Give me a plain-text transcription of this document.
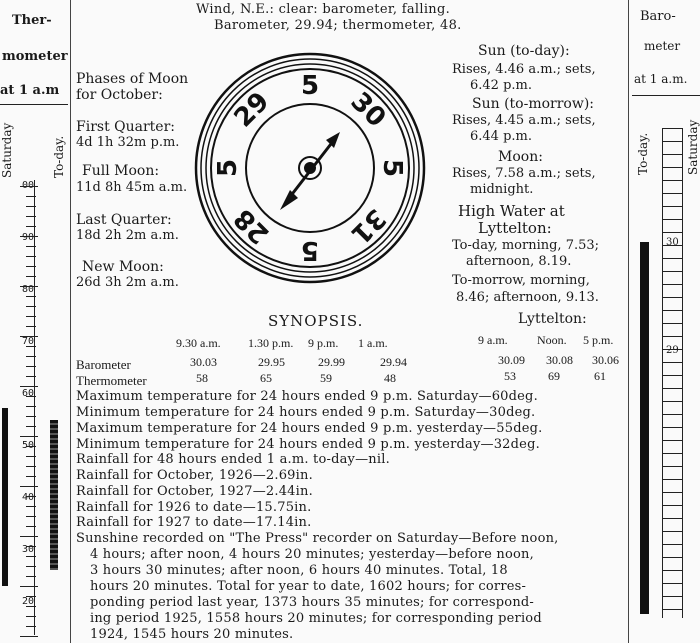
Ther-
mometer
at 1 a.m
Saturday	To-day.
00
90
80
70
60
50
40
30
20
Baro-
meter
at 1 a.m.
To-day.	Saturday
30
29
Wind, N.E.: clear: barometer, falling.
Barometer, 29.94; thermometer, 48.
Phases of Moon
for October:
First Quarter:
4d 1h 32m p.m.
Full Moon:
11d 8h 45m a.m.
Last Quarter:
18d 2h 2m a.m.
New Moon:
26d 3h 2m a.m.
5
30
5
31
5
28
5
29
Sun (to-day):
Rises, 4.46 a.m.; sets,
6.42 p.m.
Sun (to-morrow):
Rises, 4.45 a.m.; sets,
6.44 p.m.
Moon:
Rises, 7.58 a.m.; sets,
midnight.
High Water at
Lyttelton:
To-day, morning, 7.53;
afternoon, 8.19.
To-morrow, morning,
8.46; afternoon, 9.13.
SYNOPSIS.	Lyttelton:
9.30 a.m. 1.30 p.m. 9 p.m. 1 a.m.	9 a.m. Noon. 5 p.m.
Barometer	30.03	29.95	29.99	29.94	30.09 30.08 30.06
Thermometer	58	65	59	48	53	69	61
Maximum temperature for 24 hours ended 9 p.m. Saturday—60deg.
Minimum temperature for 24 hours ended 9 p.m. Saturday—30deg.
Maximum temperature for 24 hours ended 9 p.m. yesterday—55deg.
Minimum temperature for 24 hours ended 9 p.m. yesterday—32deg.
Rainfall for 48 hours ended 1 a.m. to-day—nil.
Rainfall for October, 1926—2.69in.
Rainfall for October, 1927—2.44in.
Rainfall for 1926 to date—15.75in.
Rainfall for 1927 to date—17.14in.
Sunshine recorded on "The Press" recorder on Saturday—Before noon,
4 hours; after noon, 4 hours 20 minutes; yesterday—before noon,
3 hours 30 minutes; after noon, 6 hours 40 minutes. Total, 18
hours 20 minutes. Total for year to date, 1602 hours; for corres-
ponding period last year, 1373 hours 35 minutes; for correspond-
ing period 1925, 1558 hours 20 minutes; for corresponding period
1924, 1545 hours 20 minutes.
